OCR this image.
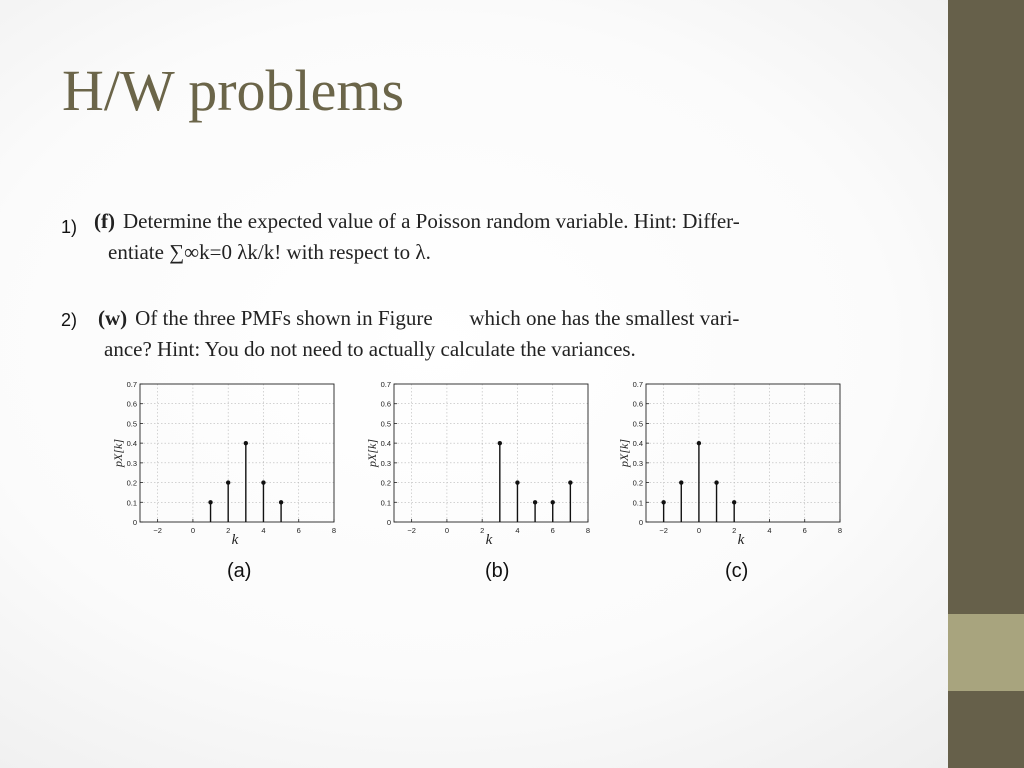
H/W problems
1) (f) Determine the expected value of a Poisson random variable. Hint: Differ-
entiate ∑∞k=0 λk/k! with respect to λ.
2) (w) Of the three PMFs shown in Figure       which one has the smallest vari-
ance? Hint: You do not need to actually calculate the variances.
0
0.1
0.2
0.3
0.4
0.5
0.6
0.7
−2	0	2	4	6	8
k
pX[k]
0
0.1
0.2
0.3
0.4
0.5
0.6
0.7
−2	0	2	4	6	8
k
pX[k]
0
0.1
0.2
0.3
0.4
0.5
0.6
0.7
−2	0	2	4	6	8
k
pX[k]
(a)	(b)	(c)
